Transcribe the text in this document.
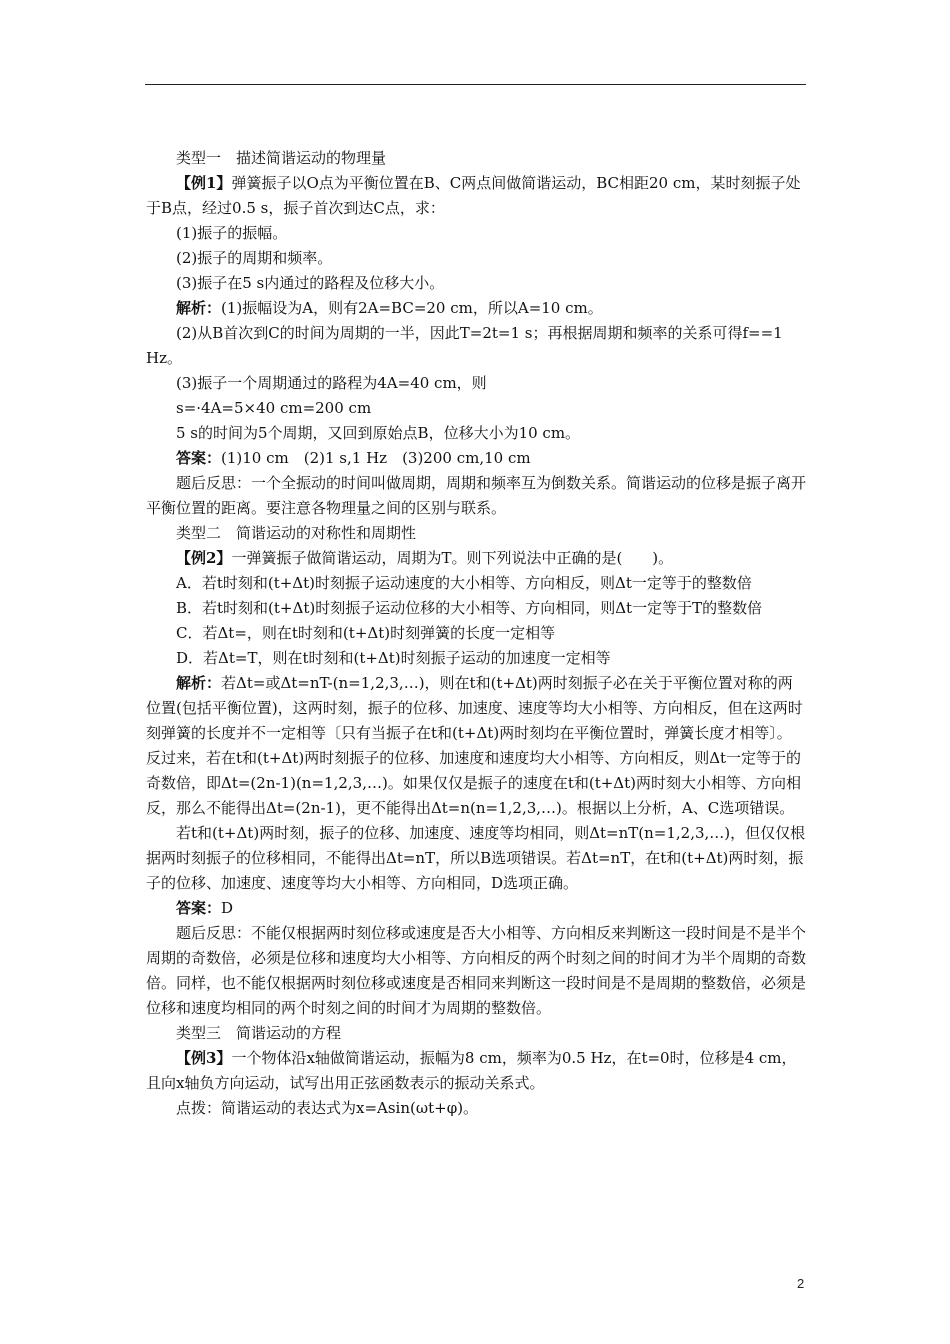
类型一　描述简谐运动的物理量

【例1】弹簧振子以O点为平衡位置在B、C两点间做简谐运动，BC相距20 cm，某时刻振子处于B点，经过0.5 s，振子首次到达C点，求：

(1)振子的振幅。

(2)振子的周期和频率。

(3)振子在5 s内通过的路程及位移大小。

解析：(1)振幅设为A，则有2A=BC=20 cm，所以A=10 cm。

(2)从B首次到C的时间为周期的一半，因此T=2t=1 s；再根据周期和频率的关系可得f==1 Hz。

(3)振子一个周期通过的路程为4A=40 cm，则

s=·4A=5×40 cm=200 cm

5 s的时间为5个周期，又回到原始点B，位移大小为10 cm。

答案：(1)10 cm　(2)1 s,1 Hz　(3)200 cm,10 cm

题后反思：一个全振动的时间叫做周期，周期和频率互为倒数关系。简谐运动的位移是振子离开平衡位置的距离。要注意各物理量之间的区别与联系。

类型二　简谐运动的对称性和周期性

【例2】一弹簧振子做简谐运动，周期为T。则下列说法中正确的是(　　)。

A．若t时刻和(t+Δt)时刻振子运动速度的大小相等、方向相反，则Δt一定等于的整数倍

B．若t时刻和(t+Δt)时刻振子运动位移的大小相等、方向相同，则Δt一定等于T的整数倍

C．若Δt=，则在t时刻和(t+Δt)时刻弹簧的长度一定相等

D．若Δt=T，则在t时刻和(t+Δt)时刻振子运动的加速度一定相等

解析：若Δt=或Δt=nT-(n=1,2,3,…)，则在t和(t+Δt)两时刻振子必在关于平衡位置对称的两位置(包括平衡位置)，这两时刻，振子的位移、加速度、速度等均大小相等、方向相反，但在这两时刻弹簧的长度并不一定相等〔只有当振子在t和(t+Δt)两时刻均在平衡位置时，弹簧长度才相等〕。反过来，若在t和(t+Δt)两时刻振子的位移、加速度和速度均大小相等、方向相反，则Δt一定等于的奇数倍，即Δt=(2n-1)(n=1,2,3,…)。如果仅仅是振子的速度在t和(t+Δt)两时刻大小相等、方向相反，那么不能得出Δt=(2n-1)，更不能得出Δt=n(n=1,2,3,…)。根据以上分析，A、C选项错误。

若t和(t+Δt)两时刻，振子的位移、加速度、速度等均相同，则Δt=nT(n=1,2,3,…)，但仅仅根据两时刻振子的位移相同，不能得出Δt=nT，所以B选项错误。若Δt=nT，在t和(t+Δt)两时刻，振子的位移、加速度、速度等均大小相等、方向相同，D选项正确。

答案：D

题后反思：不能仅根据两时刻位移或速度是否大小相等、方向相反来判断这一段时间是不是半个周期的奇数倍，必须是位移和速度均大小相等、方向相反的两个时刻之间的时间才为半个周期的奇数倍。同样，也不能仅根据两时刻位移或速度是否相同来判断这一段时间是不是周期的整数倍，必须是位移和速度均相同的两个时刻之间的时间才为周期的整数倍。

类型三　简谐运动的方程

【例3】一个物体沿x轴做简谐运动，振幅为8 cm，频率为0.5 Hz，在t=0时，位移是4 cm，且向x轴负方向运动，试写出用正弦函数表示的振动关系式。

点拨：简谐运动的表达式为x=Asin(ωt+φ)。

2
